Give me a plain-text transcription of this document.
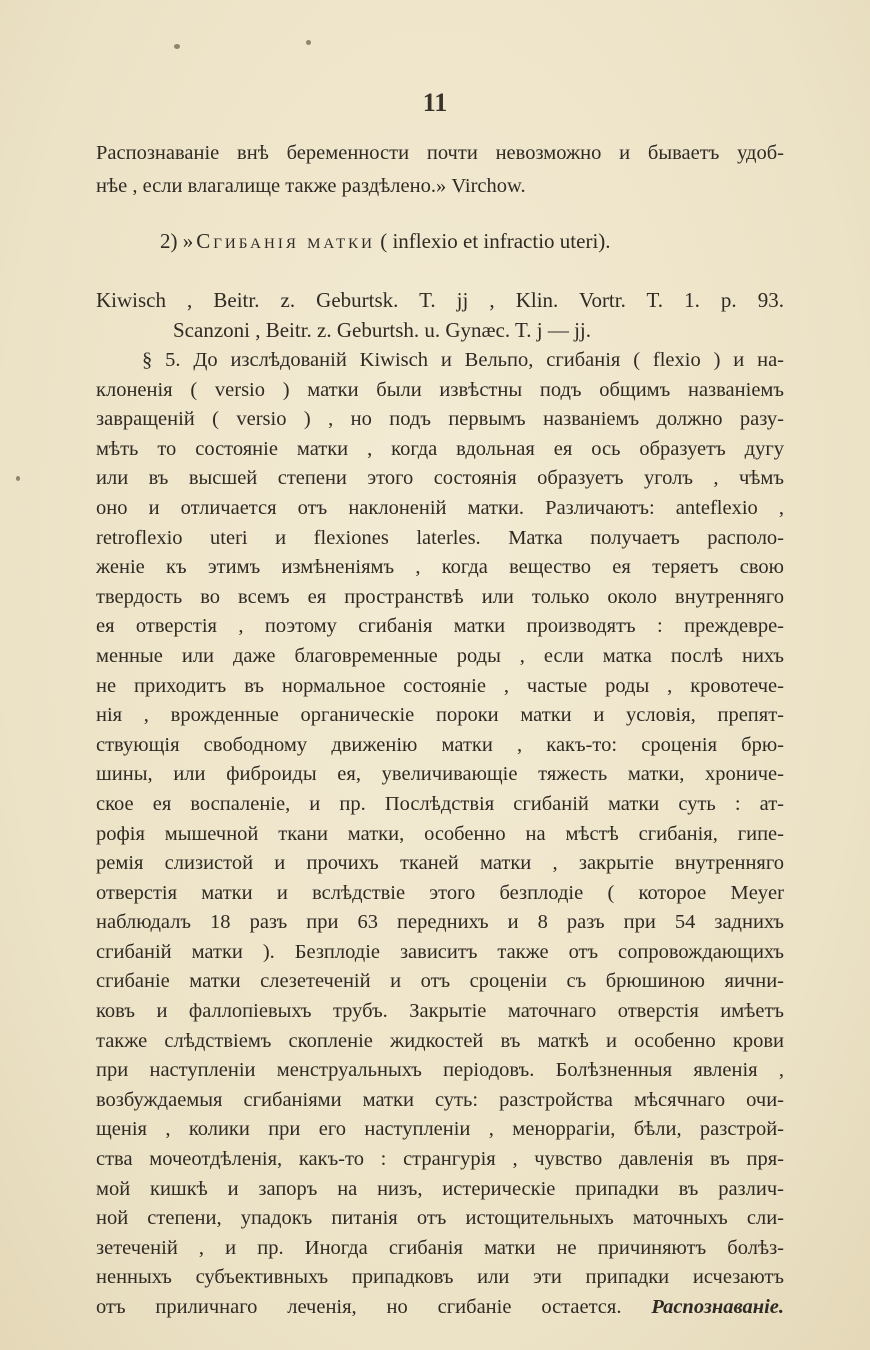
11
Распознаваніе внѣ беременности почти невозможно и бываетъ удоб-
нѣе , если влагалище также раздѣлено.» Virchow.
2) »Сгибанія матки ( inflexio et infractio uteri).
Kiwisch , Beitr. z. Geburtsk. T. jj , Klin. Vortr. T. 1. p. 93.
Scanzoni , Beitr. z. Geburtsh. u. Gynæc. T. j — jj.
§ 5. До изслѣдованій Kiwisch и Вельпо, сгибанія ( flexio ) и на-
клоненія ( versio ) матки были извѣстны подъ общимъ названіемъ
завращеній ( versio ) , но подъ первымъ названіемъ должно разу-
мѣть то состояніе матки , когда вдольная ея ось образуетъ дугу
или въ высшей степени этого состоянія образуетъ уголъ , чѣмъ
оно и отличается отъ наклоненій матки. Различаютъ: anteflexio ,
retroflexio uteri и flexiones laterles. Матка получаетъ располо-
женіе къ этимъ измѣненіямъ , когда вещество ея теряетъ свою
твердость во всемъ ея пространствѣ или только около внутренняго
ея отверстія , поэтому сгибанія матки производятъ : преждевре-
менные или даже благовременные роды , если матка послѣ нихъ
не приходитъ въ нормальное состояніе , частые роды , кровотече-
нія , врожденные органическіе пороки матки и условія, препят-
ствующія свободному движенію матки , какъ-то: сроценія брю-
шины, или фиброиды ея, увеличивающіе тяжесть матки, хрониче-
ское ея воспаленіе, и пр. Послѣдствія сгибаній матки суть : ат-
рофія мышечной ткани матки, особенно на мѣстѣ сгибанія, гипе-
ремія слизистой и прочихъ тканей матки , закрытіе внутренняго
отверстія матки и вслѣдствіе этого безплодіе ( которое Meyer
наблюдалъ 18 разъ при 63 переднихъ и 8 разъ при 54 заднихъ
сгибаній матки ). Безплодіе зависитъ также отъ сопровождающихъ
сгибаніе матки слезетеченій и отъ сроценіи съ брюшиною яични-
ковъ и фаллопіевыхъ трубъ. Закрытіе маточнаго отверстія имѣетъ
также слѣдствіемъ скопленіе жидкостей въ маткѣ и особенно крови
при наступленіи менструальныхъ періодовъ. Болѣзненныя явленія ,
возбуждаемыя сгибаніями матки суть: разстройства мѣсячнаго очи-
щенія , колики при его наступленіи , меноррагіи, бѣли, разстрой-
ства мочеотдѣленія, какъ-то : странгурія , чувство давленія въ пря-
мой кишкѣ и запоръ на низъ, истерическіе припадки въ различ-
ной степени, упадокъ питанія отъ истощительныхъ маточныхъ сли-
зетеченій , и пр. Иногда сгибанія матки не причиняютъ болѣз-
ненныхъ субъективныхъ припадковъ или эти припадки исчезаютъ
отъ приличнаго леченія, но сгибаніе остается. Распознаваніе.
